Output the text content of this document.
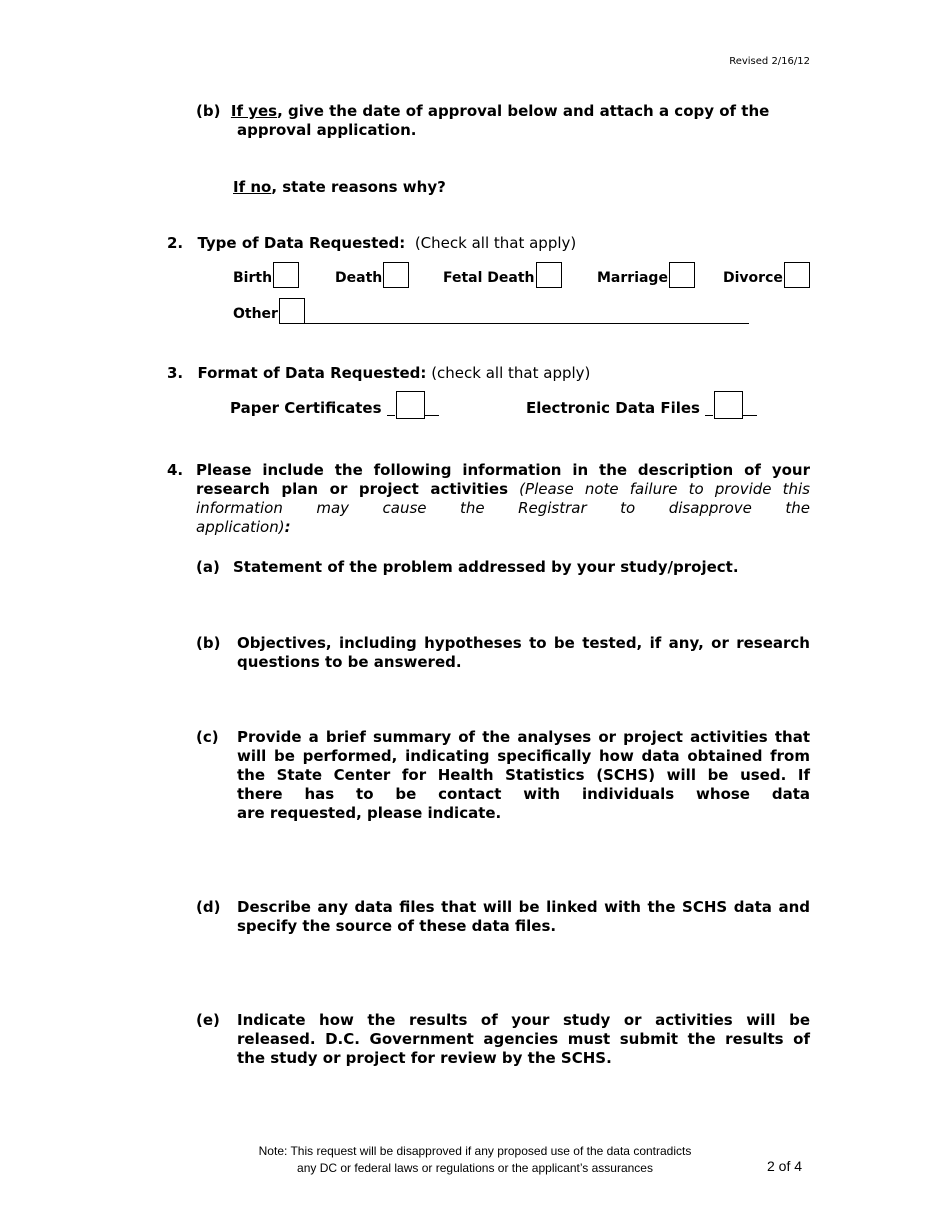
Revised 2/16/12
(b) If yes, give the date of approval below and attach a copy of the
approval application.
If no, state reasons why?
2. Type of Data Requested: (Check all that apply)
Birth	Death	Fetal Death	Marriage	Divorce
Other
3. Format of Data Requested: (check all that apply)
Paper Certificates	Electronic Data Files
4. Please include the following information in the description of your
research plan or project activities (Please note failure to provide this
information may cause the Registrar to disapprove the
application):
(a) Statement of the problem addressed by your study/project.
(b) Objectives, including hypotheses to be tested, if any, or research
questions to be answered.
(c) Provide a brief summary of the analyses or project activities that
will be performed, indicating specifically how data obtained from
the State Center for Health Statistics (SCHS) will be used. If
there has to be contact with individuals whose data
are requested, please indicate.
(d) Describe any data files that will be linked with the SCHS data and
specify the source of these data files.
(e) Indicate how the results of your study or activities will be
released. D.C. Government agencies must submit the results of
the study or project for review by the SCHS.
Note: This request will be disapproved if any proposed use of the data contradicts
any DC or federal laws or regulations or the applicant’s assurances	2 of 4
